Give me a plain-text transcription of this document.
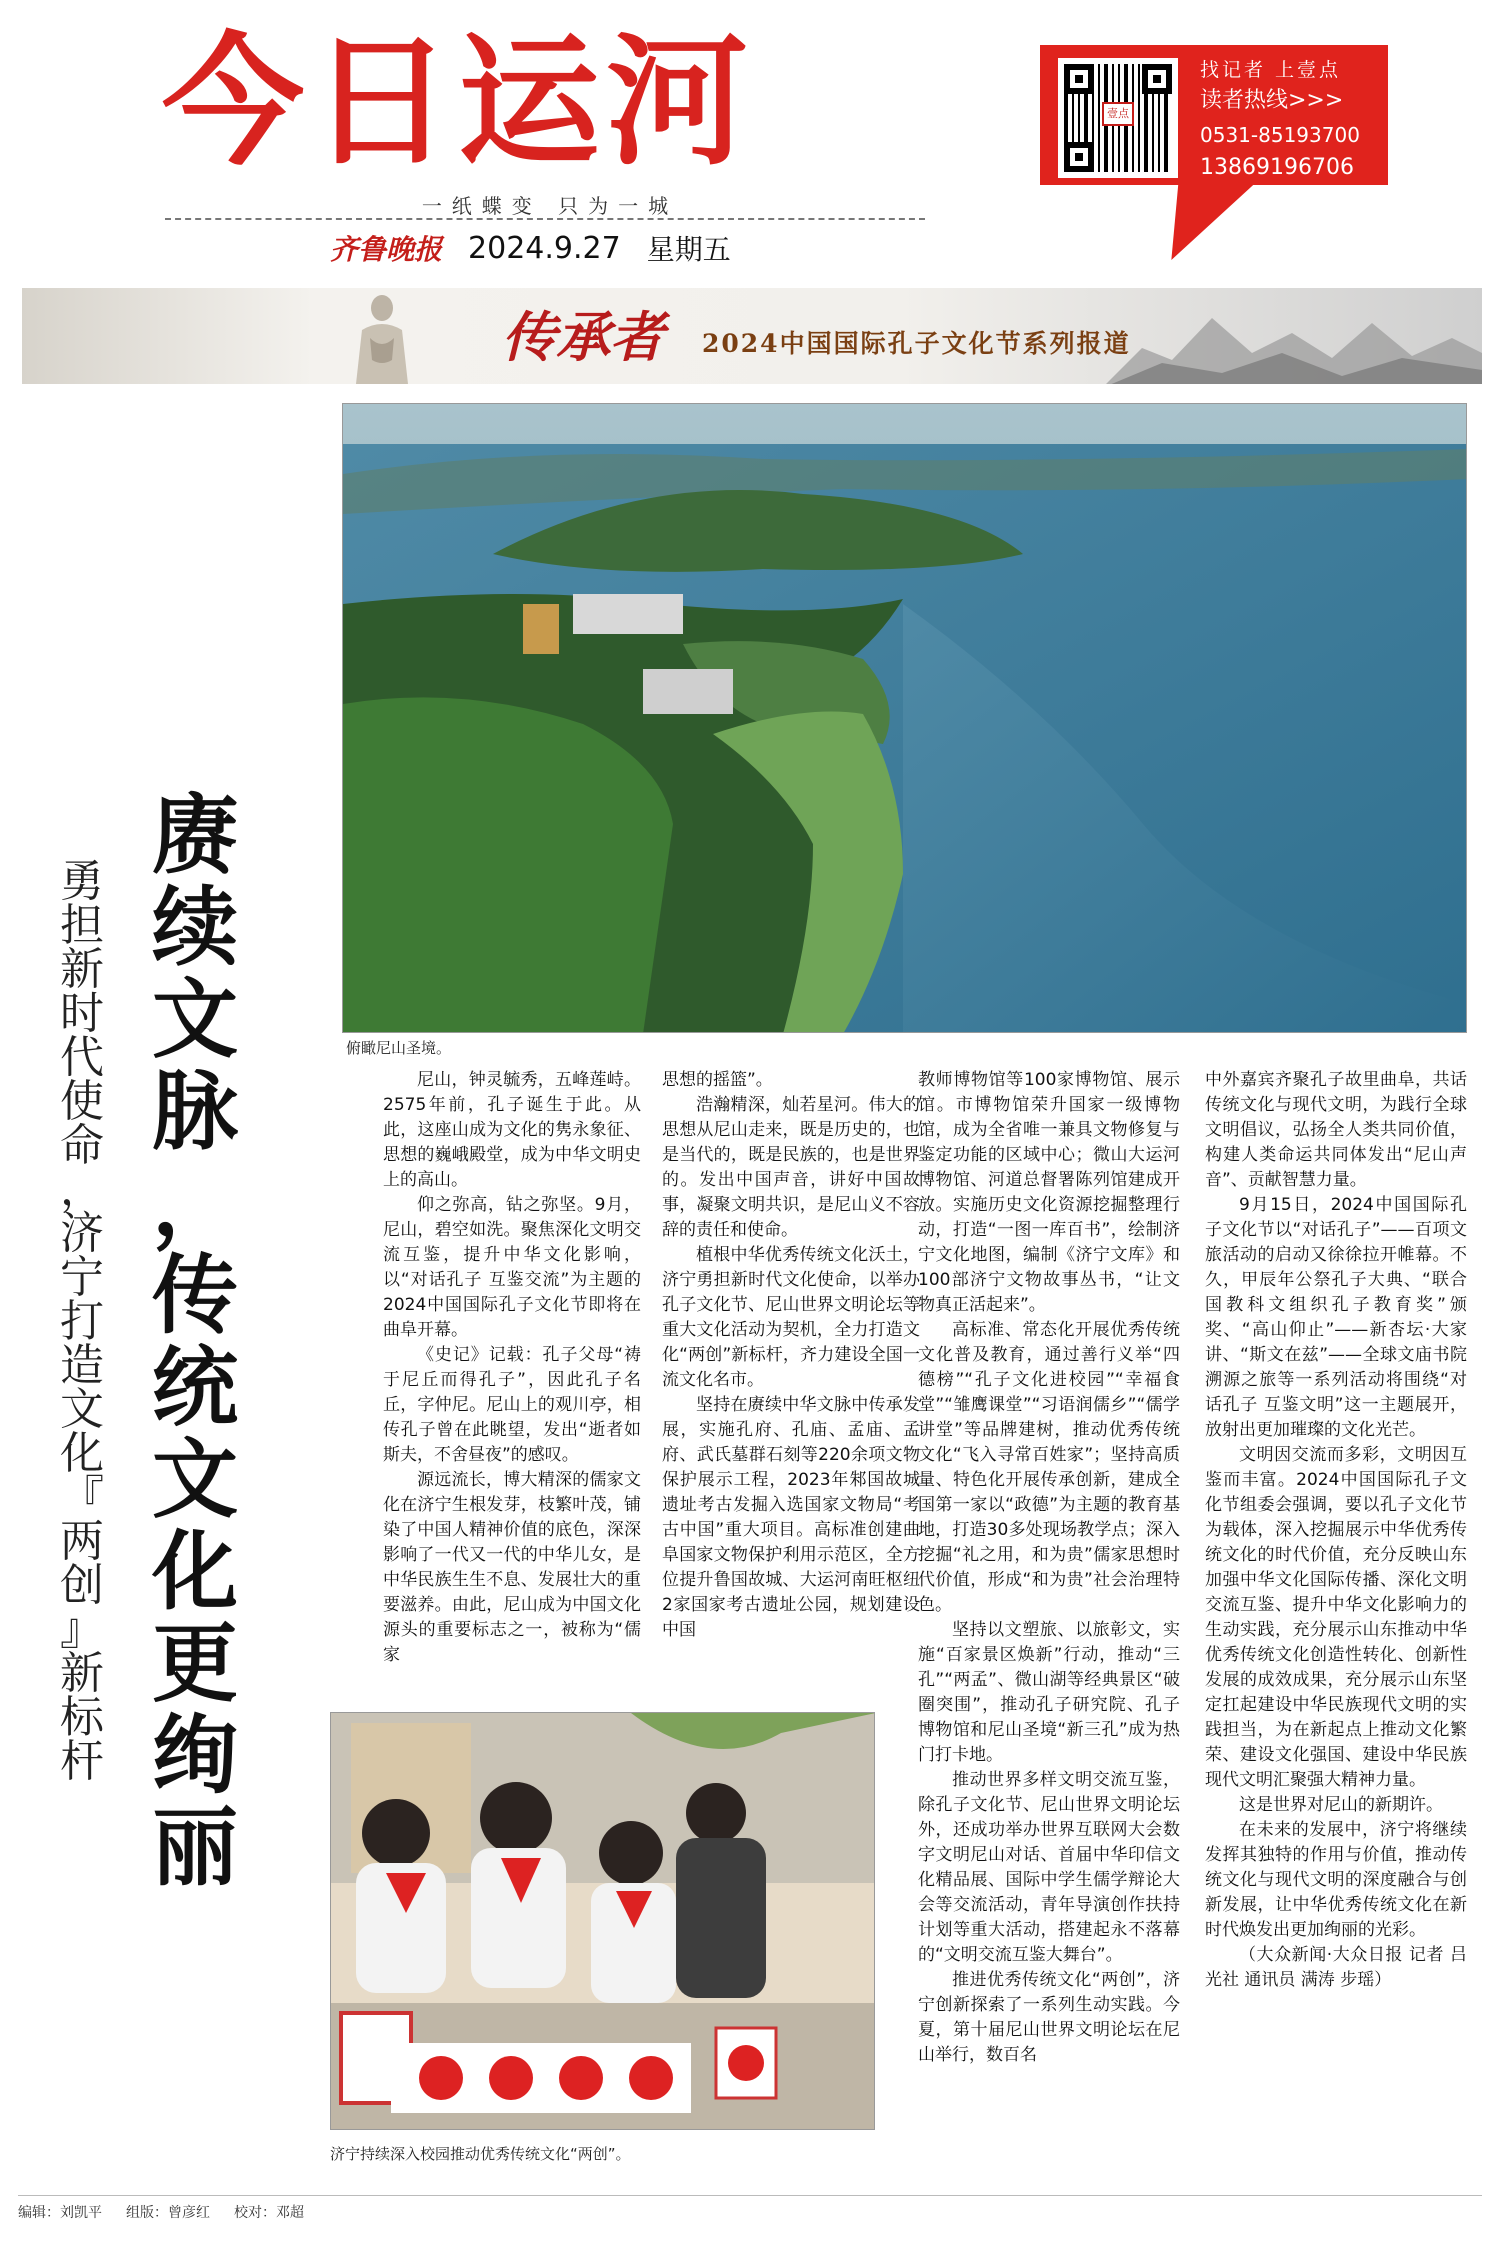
今日运河
一纸蝶变 只为一城
齐鲁晚报 2024.9.27 星期五
壹点
找记者 上壹点
读者热线>>>
0531-85193700
13869196706
传承者 2024中国国际孔子文化节系列报道
俯瞰尼山圣境。
赓
续
文
脉
，
传
统
文
化
更
绚
丽
勇
担
新
时
代
使
命
，
济
宁
打
造
文
化
『
两
创
』
新
标
杆

尼山，钟灵毓秀，五峰莲峙。2575年前，孔子诞生于此。从此，这座山成为文化的隽永象征、思想的巍峨殿堂，成为中华文明史上的高山。

仰之弥高，钻之弥坚。9月，尼山，碧空如洗。聚焦深化文明交流互鉴，提升中华文化影响，以“对话孔子 互鉴交流”为主题的2024中国国际孔子文化节即将在曲阜开幕。

《史记》记载：孔子父母“祷于尼丘而得孔子”，因此孔子名丘，字仲尼。尼山上的观川亭，相传孔子曾在此眺望，发出“逝者如斯夫，不舍昼夜”的感叹。

源远流长，博大精深的儒家文化在济宁生根发芽，枝繁叶茂，铺染了中国人精神价值的底色，深深影响了一代又一代的中华儿女，是中华民族生生不息、发展壮大的重要滋养。由此，尼山成为中国文化源头的重要标志之一，被称为“儒家

思想的摇篮”。

浩瀚精深，灿若星河。伟大的思想从尼山走来，既是历史的，也是当代的，既是民族的，也是世界的。发出中国声音，讲好中国故事，凝聚文明共识，是尼山义不容辞的责任和使命。

植根中华优秀传统文化沃土，济宁勇担新时代文化使命，以举办孔子文化节、尼山世界文明论坛等重大文化活动为契机，全力打造文化“两创”新标杆，齐力建设全国一流文化名市。

坚持在赓续中华文脉中传承发展，实施孔府、孔庙、孟庙、孟府、武氏墓群石刻等220余项文物保护展示工程，2023年邾国故城遗址考古发掘入选国家文物局“考古中国”重大项目。高标准创建曲阜国家文物保护利用示范区，全方位提升鲁国故城、大运河南旺枢纽2家国家考古遗址公园，规划建设中国

教师博物馆等100家博物馆、展示馆。市博物馆荣升国家一级博物馆，成为全省唯一兼具文物修复与鉴定功能的区域中心；微山大运河博物馆、河道总督署陈列馆建成开放。实施历史文化资源挖掘整理行动，打造“一图一库百书”，绘制济宁文化地图，编制《济宁文库》和100部济宁文物故事丛书，“让文物真正活起来”。

高标准、常态化开展优秀传统文化普及教育，通过善行义举“四德榜”“孔子文化进校园”“幸福食堂”“雏鹰课堂”“习语润儒乡”“儒学讲堂”等品牌建树，推动优秀传统文化“飞入寻常百姓家”；坚持高质量、特色化开展传承创新，建成全国第一家以“政德”为主题的教育基地，打造30多处现场教学点；深入挖掘“礼之用，和为贵”儒家思想时代价值，形成“和为贵”社会治理特色。

坚持以文塑旅、以旅彰文，实施“百家景区焕新”行动，推动“三孔”“两孟”、微山湖等经典景区“破圈突围”，推动孔子研究院、孔子博物馆和尼山圣境“新三孔”成为热门打卡地。

推动世界多样文明交流互鉴，除孔子文化节、尼山世界文明论坛外，还成功举办世界互联网大会数字文明尼山对话、首届中华印信文化精品展、国际中学生儒学辩论大会等交流活动，青年导演创作扶持计划等重大活动，搭建起永不落幕的“文明交流互鉴大舞台”。

推进优秀传统文化“两创”，济宁创新探索了一系列生动实践。今夏，第十届尼山世界文明论坛在尼山举行，数百名

中外嘉宾齐聚孔子故里曲阜，共话传统文化与现代文明，为践行全球文明倡议，弘扬全人类共同价值，构建人类命运共同体发出“尼山声音”、贡献智慧力量。

9月15日，2024中国国际孔子文化节以“对话孔子”——百项文旅活动的启动又徐徐拉开帷幕。不久，甲辰年公祭孔子大典、“联合国教科文组织孔子教育奖”颁奖、“高山仰止”——新杏坛·大家讲、“斯文在兹”——全球文庙书院溯源之旅等一系列活动将围绕“对话孔子 互鉴文明”这一主题展开，放射出更加璀璨的文化光芒。

文明因交流而多彩，文明因互鉴而丰富。2024中国国际孔子文化节组委会强调，要以孔子文化节为载体，深入挖掘展示中华优秀传统文化的时代价值，充分反映山东加强中华文化国际传播、深化文明交流互鉴、提升中华文化影响力的生动实践，充分展示山东推动中华优秀传统文化创造性转化、创新性发展的成效成果，充分展示山东坚定扛起建设中华民族现代文明的实践担当，为在新起点上推动文化繁荣、建设文化强国、建设中华民族现代文明汇聚强大精神力量。

这是世界对尼山的新期许。

在未来的发展中，济宁将继续发挥其独特的作用与价值，推动传统文化与现代文明的深度融合与创新发展，让中华优秀传统文化在新时代焕发出更加绚丽的光彩。

（大众新闻·大众日报 记者 吕光社 通讯员 满涛 步瑶）

济宁持续深入校园推动优秀传统文化“两创”。
编辑：刘凯平 组版：曾彦红 校对：邓超
